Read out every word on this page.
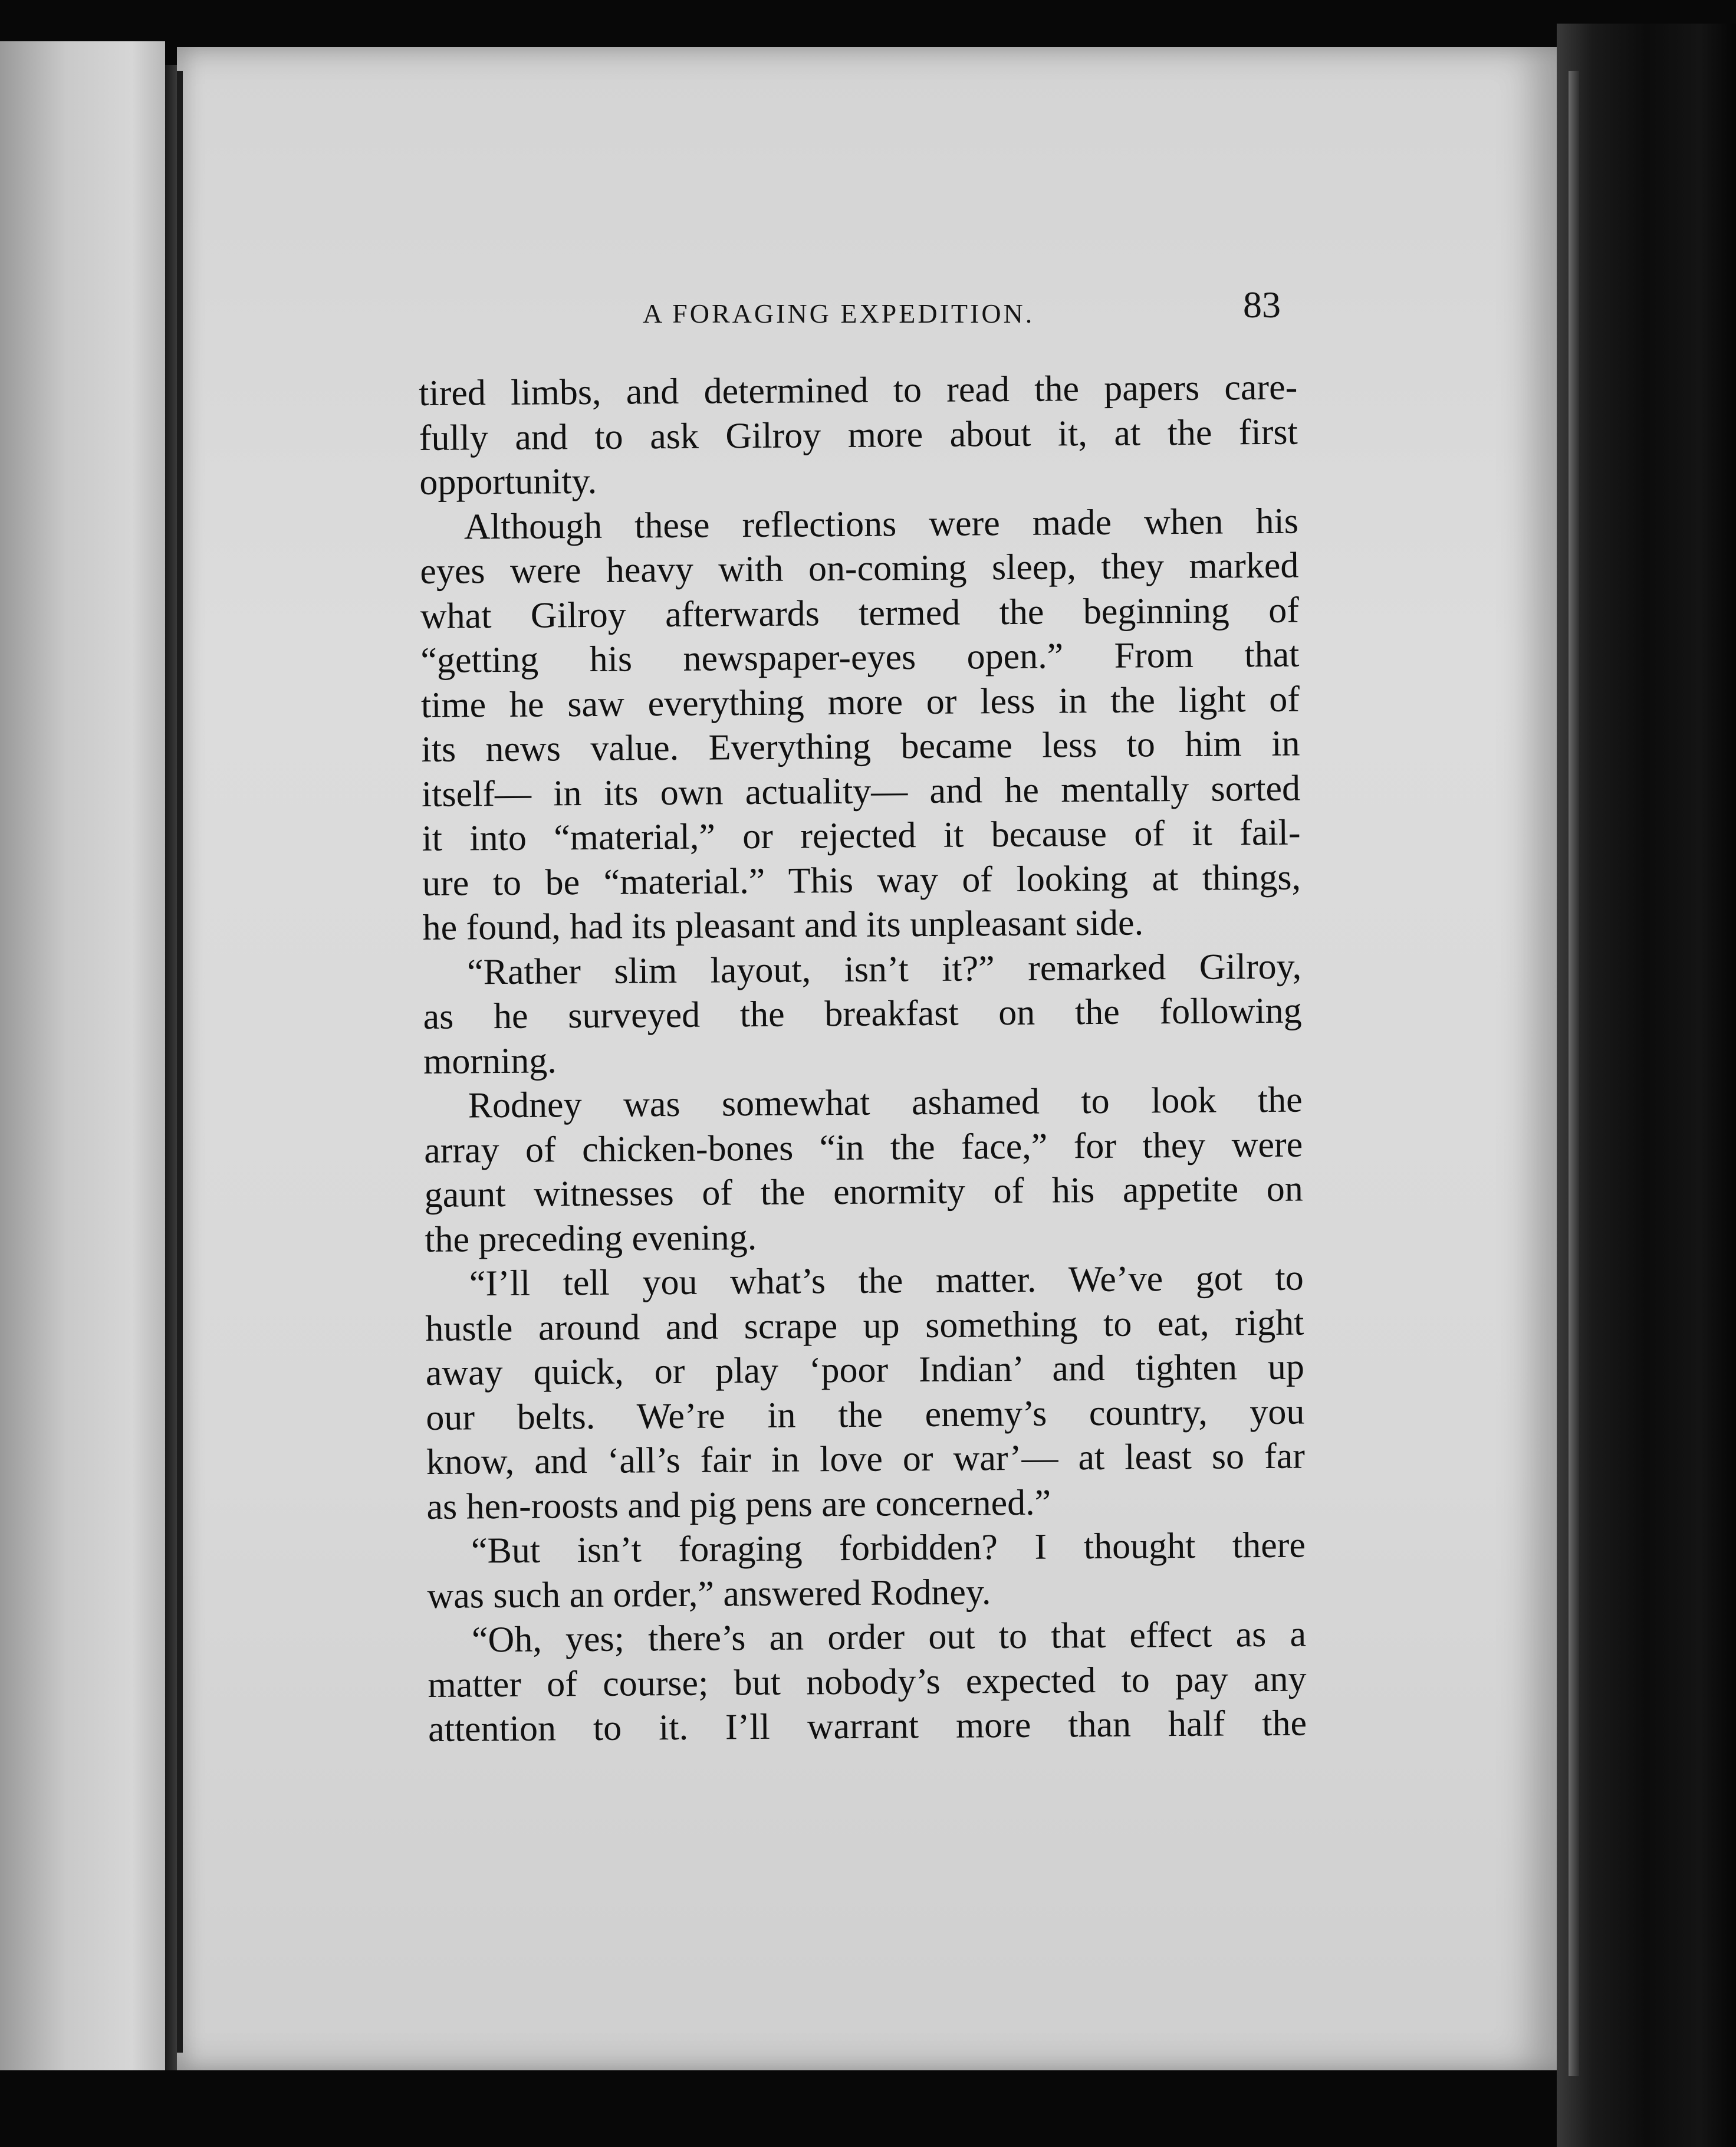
A FORAGING EXPEDITION.	83
tired limbs, and determined to read the papers care-
fully and to ask Gilroy more about it, at the first
opportunity.
Although these reflections were made when his
eyes were heavy with on-coming sleep, they marked
what Gilroy afterwards termed the beginning of
“getting his newspaper-eyes open.” From that
time he saw everything more or less in the light of
its news value. Everything became less to him in
itself— in its own actuality— and he mentally sorted
it into “material,” or rejected it because of it fail-
ure to be “material.” This way of looking at things,
he found, had its pleasant and its unpleasant side.
“Rather slim layout, isn’t it?” remarked Gilroy,
as he surveyed the breakfast on the following
morning.
Rodney was somewhat ashamed to look the
array of chicken-bones “in the face,” for they were
gaunt witnesses of the enormity of his appetite on
the preceding evening.
“I’ll tell you what’s the matter. We’ve got to
hustle around and scrape up something to eat, right
away quick, or play ‘poor Indian’ and tighten up
our belts. We’re in the enemy’s country, you
know, and ‘all’s fair in love or war’— at least so far
as hen-roosts and pig pens are concerned.”
“But isn’t foraging forbidden? I thought there
was such an order,” answered Rodney.
“Oh, yes; there’s an order out to that effect as a
matter of course; but nobody’s expected to pay any
attention to it. I’ll warrant more than half the
